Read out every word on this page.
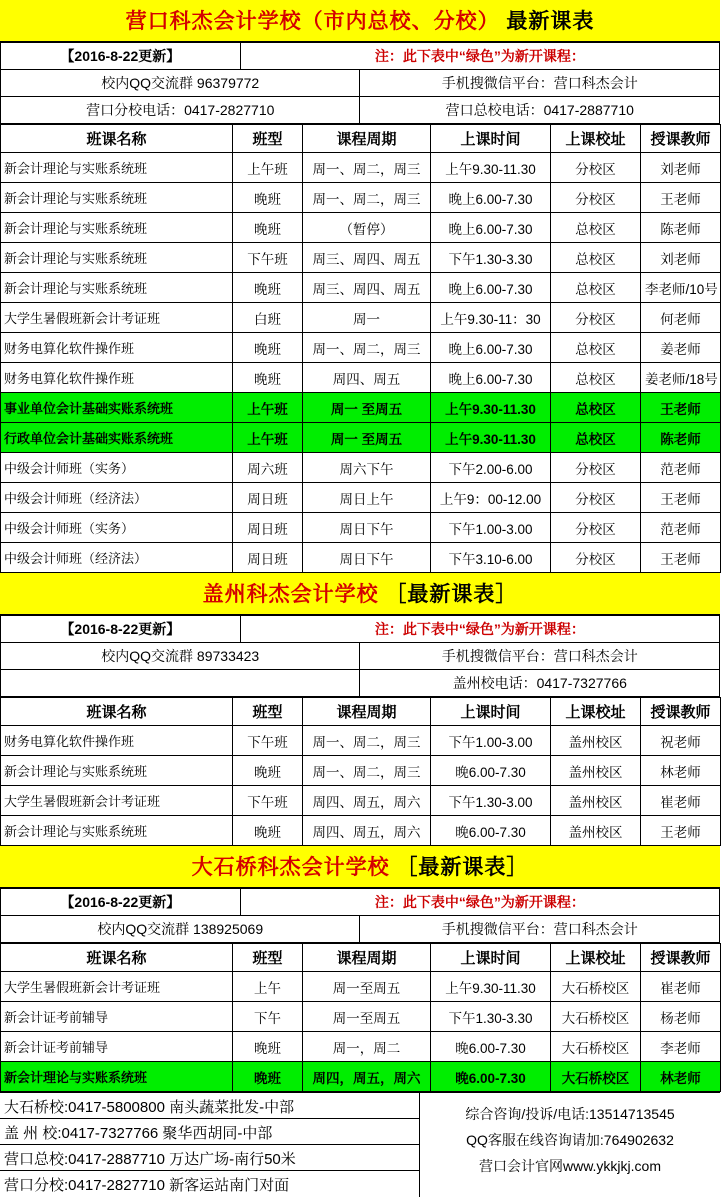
营口科杰会计学校（市内总校、分校） 最新课表
【2016-8-22更新】	注：此下表中“绿色”为新开课程：	
校内QQ交流群 96379772		手机搜微信平台：营口科杰会计
营口分校电话：0417-2827710		营口总校电话：0417-2887710
班课名称	班型	课程周期	上课时间	上课校址	授课教师
新会计理论与实账系统班	上午班	周一、周二，周三	上午9.30-11.30	分校区	刘老师
新会计理论与实账系统班	晚班	周一、周二，周三	晚上6.00-7.30	分校区	王老师
新会计理论与实账系统班	晚班	（暂停）	晚上6.00-7.30	总校区	陈老师
新会计理论与实账系统班	下午班	周三、周四、周五	下午1.30-3.30	总校区	刘老师
新会计理论与实账系统班	晚班	周三、周四、周五	晚上6.00-7.30	总校区	李老师/10号
大学生暑假班新会计考证班	白班	周一	上午9.30-11：30	分校区	何老师
财务电算化软件操作班	晚班	周一、周二，周三	晚上6.00-7.30	总校区	姜老师
财务电算化软件操作班	晚班	周四、周五	晚上6.00-7.30	总校区	姜老师/18号
事业单位会计基础实账系统班	上午班	周一 至周五	上午9.30-11.30	总校区	王老师
行政单位会计基础实账系统班	上午班	周一 至周五	上午9.30-11.30	总校区	陈老师
中级会计师班（实务）	周六班	周六下午	下午2.00-6.00	分校区	范老师
中级会计师班（经济法）	周日班	周日上午	上午9：00-12.00	分校区	王老师
中级会计师班（实务）	周日班	周日下午	下午1.00-3.00	分校区	范老师
中级会计师班（经济法）	周日班	周日下午	下午3.10-6.00	分校区	王老师
盖州科杰会计学校 ［最新课表］
【2016-8-22更新】	注：此下表中“绿色”为新开课程：	
校内QQ交流群 89733423		手机搜微信平台：营口科杰会计
		盖州校电话：0417-7327766
班课名称	班型	课程周期	上课时间	上课校址	授课教师
财务电算化软件操作班	下午班	周一、周二，周三	下午1.00-3.00	盖州校区	祝老师
新会计理论与实账系统班	晚班	周一、周二，周三	晚6.00-7.30	盖州校区	林老师
大学生暑假班新会计考证班	下午班	周四、周五，周六	下午1.30-3.00	盖州校区	崔老师
新会计理论与实账系统班	晚班	周四、周五，周六	晚6.00-7.30	盖州校区	王老师
大石桥科杰会计学校 ［最新课表］
【2016-8-22更新】	注：此下表中“绿色”为新开课程：	
校内QQ交流群 138925069		手机搜微信平台：营口科杰会计
班课名称	班型	课程周期	上课时间	上课校址	授课教师
大学生暑假班新会计考证班	上午	周一至周五	上午9.30-11.30	大石桥校区	崔老师
新会计证考前辅导	下午	周一至周五	下午1.30-3.30	大石桥校区	杨老师
新会计证考前辅导	晚班	周一，周二	晚6.00-7.30	大石桥校区	李老师
新会计理论与实账系统班	晚班	周四，周五，周六	晚6.00-7.30	大石桥校区	林老师
大石桥校:0417-5800800 南头蔬菜批发-中部
盖 州 校:0417-7327766 聚华西胡同-中部
营口总校:0417-2887710 万达广场-南行50米
营口分校:0417-2827710 新客运站南门对面
综合咨询/投诉/电话:13514713545
QQ客服在线咨询请加:764902632
营口会计官网www.ykkjkj.com
